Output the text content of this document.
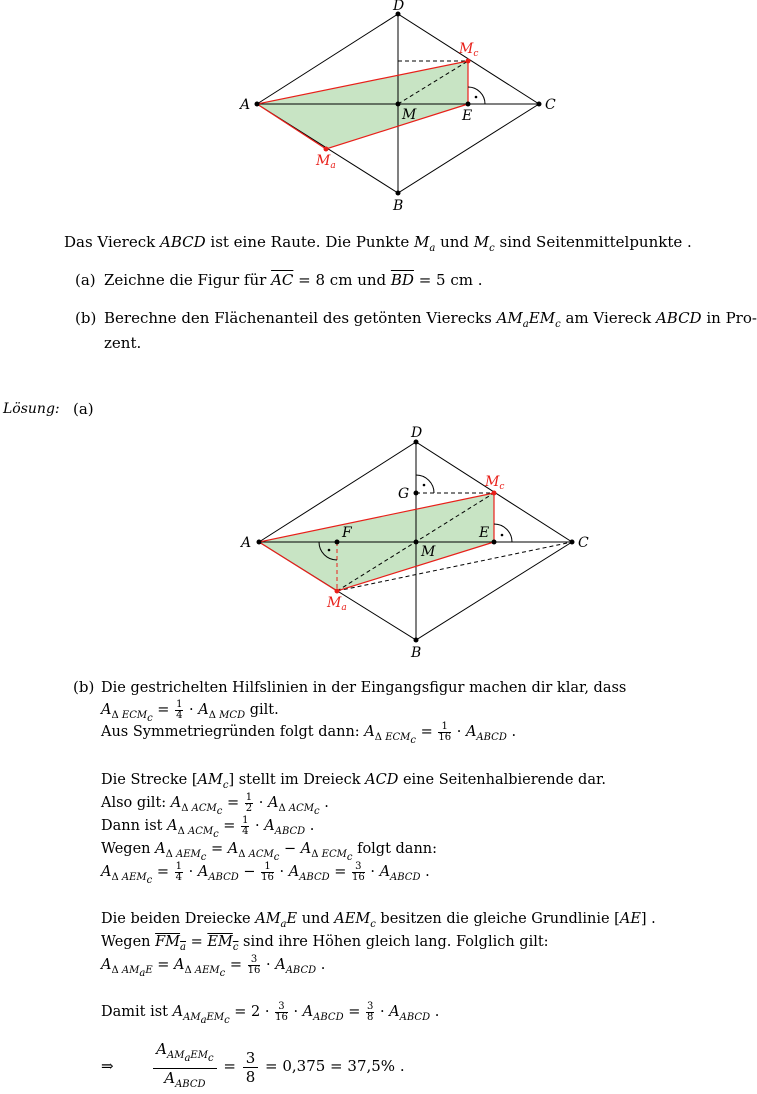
A
D
C
B
M	E
$M_c$
$M_a$
Das Viereck ABCD ist eine Raute. Die Punkte $M_a$ und $M_c$ sind Seitenmittelpunkte .
(a) Zeichne die Figur für $\overline{AC} = 8$ cm und $\overline{BD} = 5$ cm .
(b) Berechne den Flächenanteil des getönten Vierecks $AM_aEM_c$ am Viereck ABCD in Pro-
zent.
Lösung: (a)
A
D
C
B
M
E
F
G
$M_c$
$M_a$
(b) Die gestrichelten Hilfslinien in der Eingangsfigur machen dir klar, dass
$A_{\Delta ECM_c} = \frac{1}{4} \cdot A_{\Delta MCD}$ gilt.
Aus Symmetriegründen folgt dann: $A_{\Delta ECM_c} = \frac{1}{16} \cdot A_{ABCD}$ .
Die Strecke $[AM_c]$ stellt im Dreieck ACD eine Seitenhalbierende dar.
Also gilt: $A_{\Delta ACM_c} = \frac{1}{2} \cdot A_{\Delta ACM_c}$ .
Dann ist $A_{\Delta ACM_c} = \frac{1}{4} \cdot A_{ABCD}$ .
Wegen $A_{\Delta AEM_c} = A_{\Delta ACM_c} - A_{\Delta ECM_c}$ folgt dann:
$A_{\Delta AEM_c} = \frac{1}{4} \cdot A_{ABCD} - \frac{1}{16} \cdot A_{ABCD} = \frac{3}{16} \cdot A_{ABCD}$ .
Die beiden Dreiecke $AM_aE$ und $AEM_c$ besitzen die gleiche Grundlinie [AE] .
Wegen $FM_a = EM_c$ sind ihre Höhen gleich lang. Folglich gilt:
$A_{\Delta AM_aE} = A_{\Delta AEM_c} = \frac{3}{16} \cdot A_{ABCD}$ .
Damit ist $A_{AM_aEM_c} = 2 \cdot \frac{3}{16} \cdot A_{ABCD} = \frac{3}{8} \cdot A_{ABCD}$ .
⇒
$A_{AM_aEM_c}$
$A_{ABCD}$
= $\frac{3}{8} = 0,375 = 37,5\%$ .
